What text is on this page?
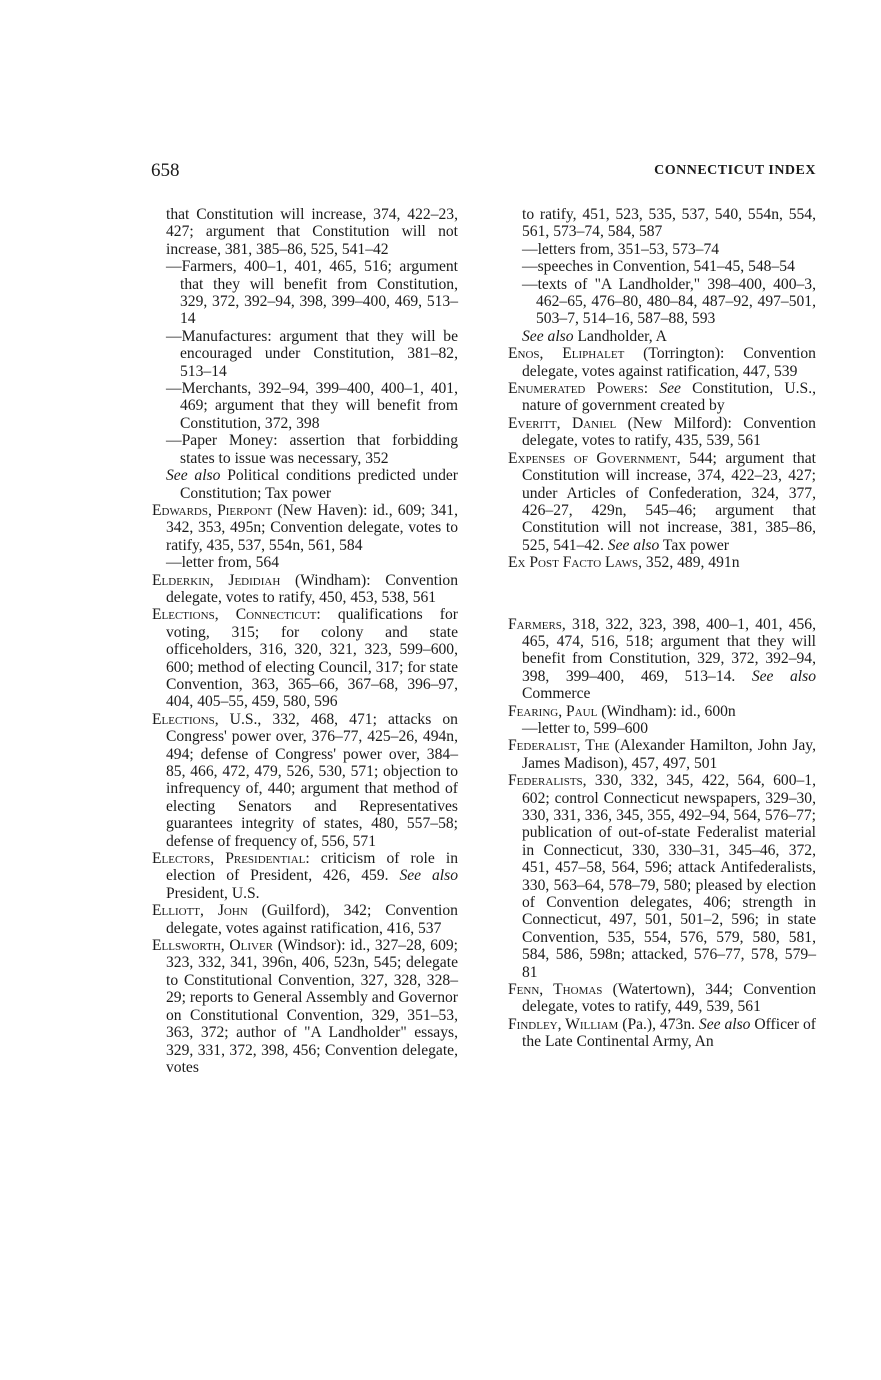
658	CONNECTICUT INDEX

that Constitution will increase, 374, 422–23, 427; argument that Constitution will not increase, 381, 385–86, 525, 541–42

—Farmers, 400–1, 401, 465, 516; argument that they will benefit from Constitution, 329, 372, 392–94, 398, 399–400, 469, 513–14

—Manufactures: argument that they will be encouraged under Constitution, 381–82, 513–14

—Merchants, 392–94, 399–400, 400–1, 401, 469; argument that they will benefit from Constitution, 372, 398

—Paper Money: assertion that forbidding states to issue was necessary, 352

See also Political conditions predicted under Constitution; Tax power

Edwards, Pierpont (New Haven): id., 609; 341, 342, 353, 495n; Convention delegate, votes to ratify, 435, 537, 554n, 561, 584

—letter from, 564

Elderkin, Jedidiah (Windham): Convention delegate, votes to ratify, 450, 453, 538, 561

Elections, Connecticut: qualifications for voting, 315; for colony and state officeholders, 316, 320, 321, 323, 599–600, 600; method of electing Council, 317; for state Convention, 363, 365–66, 367–68, 396–97, 404, 405–55, 459, 580, 596

Elections, U.S., 332, 468, 471; attacks on Congress' power over, 376–77, 425–26, 494n, 494; defense of Congress' power over, 384–85, 466, 472, 479, 526, 530, 571; objection to infrequency of, 440; argument that method of electing Senators and Representatives guarantees integrity of states, 480, 557–58; defense of frequency of, 556, 571

Electors, Presidential: criticism of role in election of President, 426, 459. See also President, U.S.

Elliott, John (Guilford), 342; Convention delegate, votes against ratification, 416, 537

Ellsworth, Oliver (Windsor): id., 327–28, 609; 323, 332, 341, 396n, 406, 523n, 545; delegate to Constitutional Convention, 327, 328, 328–29; reports to General Assembly and Governor on Constitutional Convention, 329, 351–53, 363, 372; author of "A Landholder" essays, 329, 331, 372, 398, 456; Convention delegate, votes

to ratify, 451, 523, 535, 537, 540, 554n, 554, 561, 573–74, 584, 587

—letters from, 351–53, 573–74

—speeches in Convention, 541–45, 548–54

—texts of "A Landholder," 398–400, 400–3, 462–65, 476–80, 480–84, 487–92, 497–501, 503–7, 514–16, 587–88, 593

See also Landholder, A

Enos, Eliphalet (Torrington): Convention delegate, votes against ratification, 447, 539

Enumerated Powers: See Constitution, U.S., nature of government created by

Everitt, Daniel (New Milford): Convention delegate, votes to ratify, 435, 539, 561

Expenses of Government, 544; argument that Constitution will increase, 374, 422–23, 427; under Articles of Confederation, 324, 377, 426–27, 429n, 545–46; argument that Constitution will not increase, 381, 385–86, 525, 541–42. See also Tax power

Ex Post Facto Laws, 352, 489, 491n

Farmers, 318, 322, 323, 398, 400–1, 401, 456, 465, 474, 516, 518; argument that they will benefit from Constitution, 329, 372, 392–94, 398, 399–400, 469, 513–14. See also Commerce

Fearing, Paul (Windham): id., 600n

—letter to, 599–600

Federalist, The (Alexander Hamilton, John Jay, James Madison), 457, 497, 501

Federalists, 330, 332, 345, 422, 564, 600–1, 602; control Connecticut newspapers, 329–30, 330, 331, 336, 345, 355, 492–94, 564, 576–77; publication of out-of-state Federalist material in Connecticut, 330, 330–31, 345–46, 372, 451, 457–58, 564, 596; attack Antifederalists, 330, 563–64, 578–79, 580; pleased by election of Convention delegates, 406; strength in Connecticut, 497, 501, 501–2, 596; in state Convention, 535, 554, 576, 579, 580, 581, 584, 586, 598n; attacked, 576–77, 578, 579–81

Fenn, Thomas (Watertown), 344; Convention delegate, votes to ratify, 449, 539, 561

Findley, William (Pa.), 473n. See also Officer of the Late Continental Army, An
